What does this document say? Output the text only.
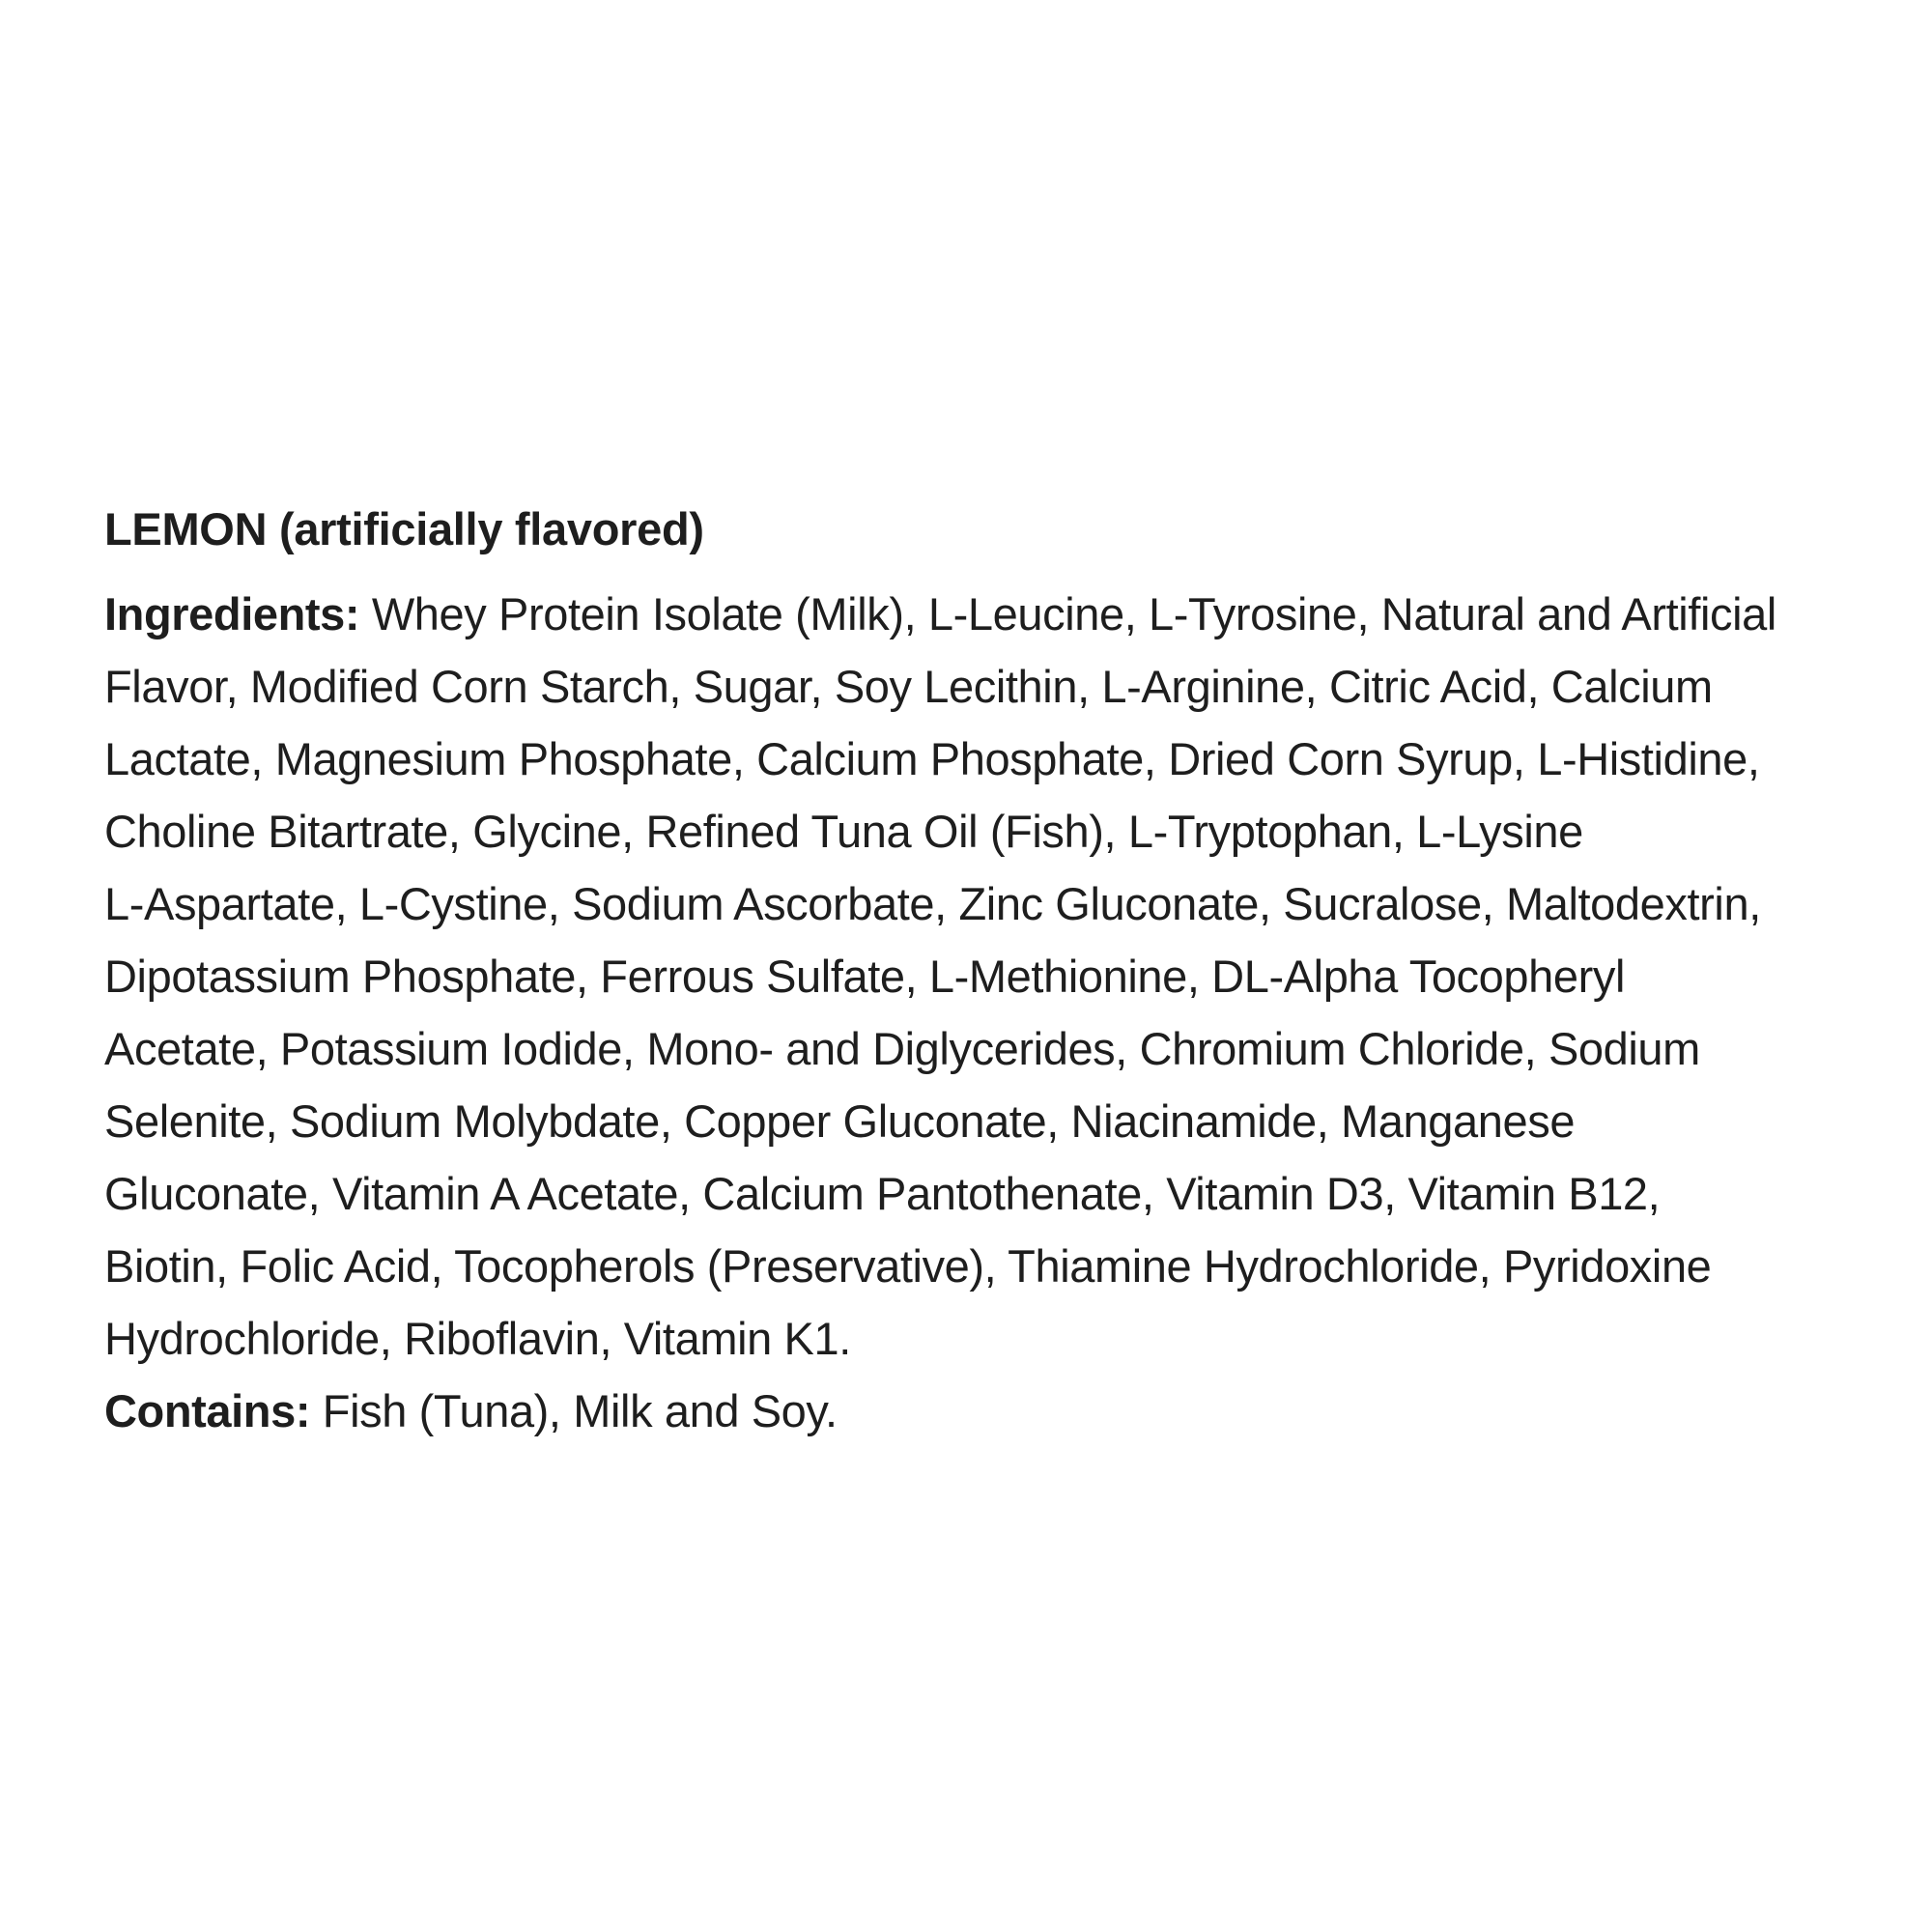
LEMON (artificially flavored)
Ingredients: Whey Protein Isolate (Milk), L-Leucine, L-Tyrosine, Natural and Artificial
Flavor, Modified Corn Starch, Sugar, Soy Lecithin, L-Arginine, Citric Acid, Calcium
Lactate, Magnesium Phosphate, Calcium Phosphate, Dried Corn Syrup, L-Histidine,
Choline Bitartrate, Glycine, Refined Tuna Oil (Fish), L-Tryptophan, L-Lysine
L-Aspartate, L-Cystine, Sodium Ascorbate, Zinc Gluconate, Sucralose, Maltodextrin,
Dipotassium Phosphate, Ferrous Sulfate, L-Methionine, DL-Alpha Tocopheryl
Acetate, Potassium Iodide, Mono- and Diglycerides, Chromium Chloride, Sodium
Selenite, Sodium Molybdate, Copper Gluconate, Niacinamide, Manganese
Gluconate, Vitamin A Acetate, Calcium Pantothenate, Vitamin D3, Vitamin B12,
Biotin, Folic Acid, Tocopherols (Preservative), Thiamine Hydrochloride, Pyridoxine
Hydrochloride, Riboflavin, Vitamin K1.
Contains: Fish (Tuna), Milk and Soy.
